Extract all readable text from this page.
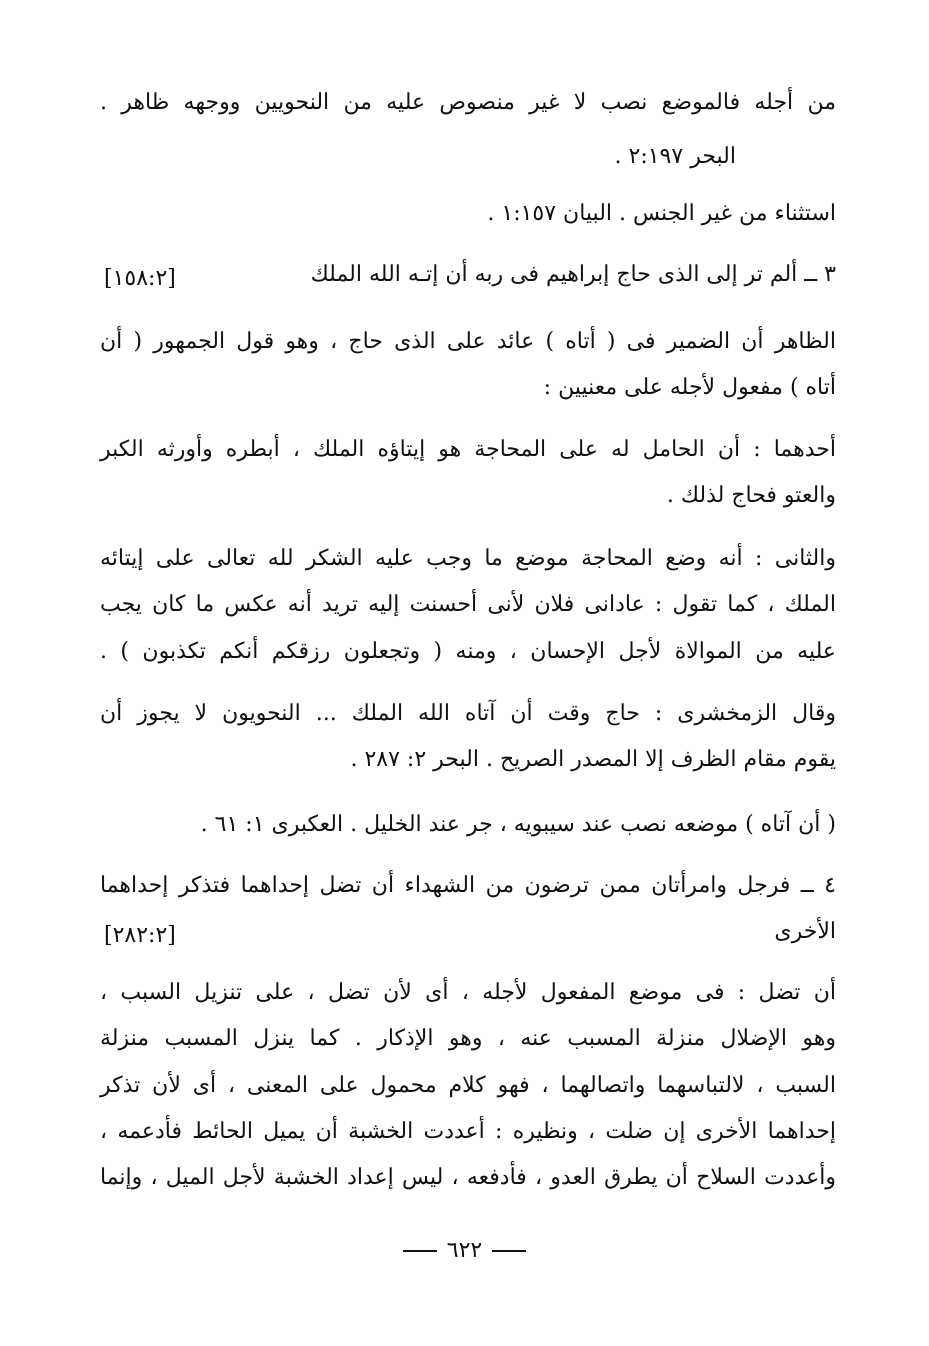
من أجله فالموضع نصب لا غير منصوص عليه من النحويين ووجهه ظاهر .
البحر ٢:١٩٧ .
استثناء من غير الجنس . البيان ١:١٥٧ .
٣ ــ ألم تر إلى الذى حاج إبراهيم فى ربه أن إتـه الله الملك
[١٥٨:٢]
الظاهر أن الضمير فى ( أتاه ) عائد على الذى حاج ، وهو قول الجمهور ( أن
أتاه ) مفعول لأجله على معنيين :
أحدهما : أن الحامل له على المحاجة هو إيتاؤه الملك ، أبطره وأورثه الكبر
والعتو فحاج لذلك .
والثانى : أنه وضع المحاجة موضع ما وجب عليه الشكر لله تعالى على إيتائه
الملك ، كما تقول : عادانى فلان لأنى أحسنت إليه تريد أنه عكس ما كان يجب
عليه من الموالاة لأجل الإحسان ، ومنه ( وتجعلون رزقكم أنكم تكذبون ) .
وقال الزمخشرى : حاج وقت أن آتاه الله الملك ... النحويون لا يجوز أن
يقوم مقام الظرف إلا المصدر الصريح . البحر ٢: ٢٨٧ .
( أن آتاه ) موضعه نصب عند سيبويه ، جر عند الخليل . العكبرى ١: ٦١ .
٤ ــ فرجل وامرأتان ممن ترضون من الشهداء أن تضل إحداهما فتذكر إحداهما
الأخرى
[٢٨٢:٢]
أن تضل : فى موضع المفعول لأجله ، أى لأن تضل ، على تنزيل السبب ،
وهو الإضلال منزلة المسبب عنه ، وهو الإذكار . كما ينزل المسبب منزلة
السبب ، لالتباسهما واتصالهما ، فهو كلام محمول على المعنى ، أى لأن تذكر
إحداهما الأخرى إن ضلت ، ونظيره : أعددت الخشبة أن يميل الحائط فأدعمه ،
وأعددت السلاح أن يطرق العدو ، فأدفعه ، ليس إعداد الخشبة لأجل الميل ، وإنما
٦٢٢
